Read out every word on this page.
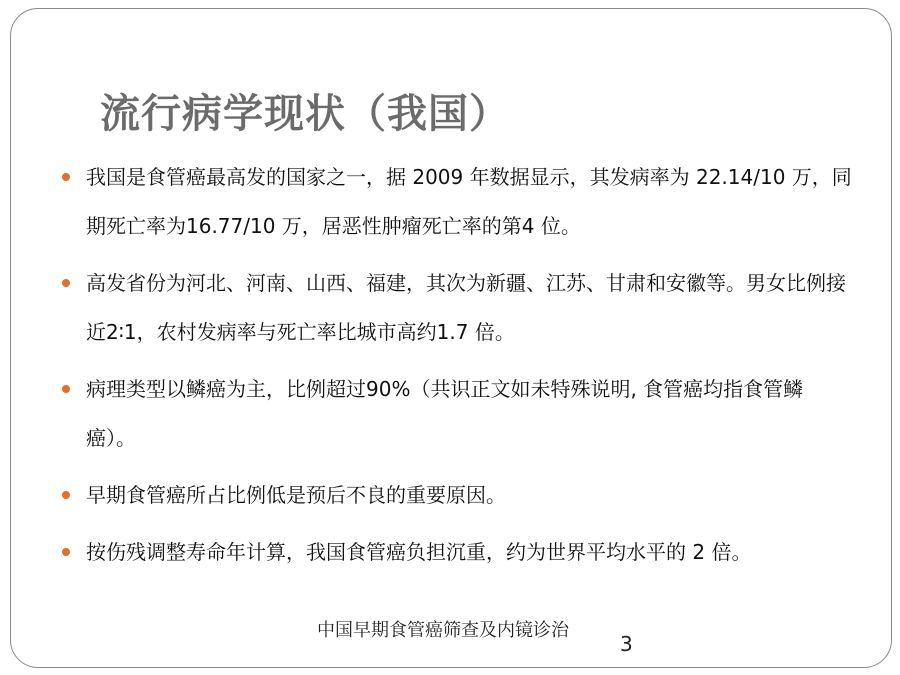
流行病学现状（我国）
我国是食管癌最高发的国家之一，据 2009 年数据显示，其发病率为 22.14/10 万，同期死亡率为16.77/10 万，居恶性肿瘤死亡率的第4 位。
高发省份为河北、河南、山西、福建，其次为新疆、江苏、甘肃和安徽等。男女比例接近2∶1，农村发病率与死亡率比城市高约1.7 倍。
病理类型以鳞癌为主，比例超过90%（共识正文如未特殊说明, 食管癌均指食管鳞癌）。
早期食管癌所占比例低是预后不良的重要原因。
按伤残调整寿命年计算，我国食管癌负担沉重，约为世界平均水平的 2 倍。
中国早期食管癌筛查及内镜诊治
3
